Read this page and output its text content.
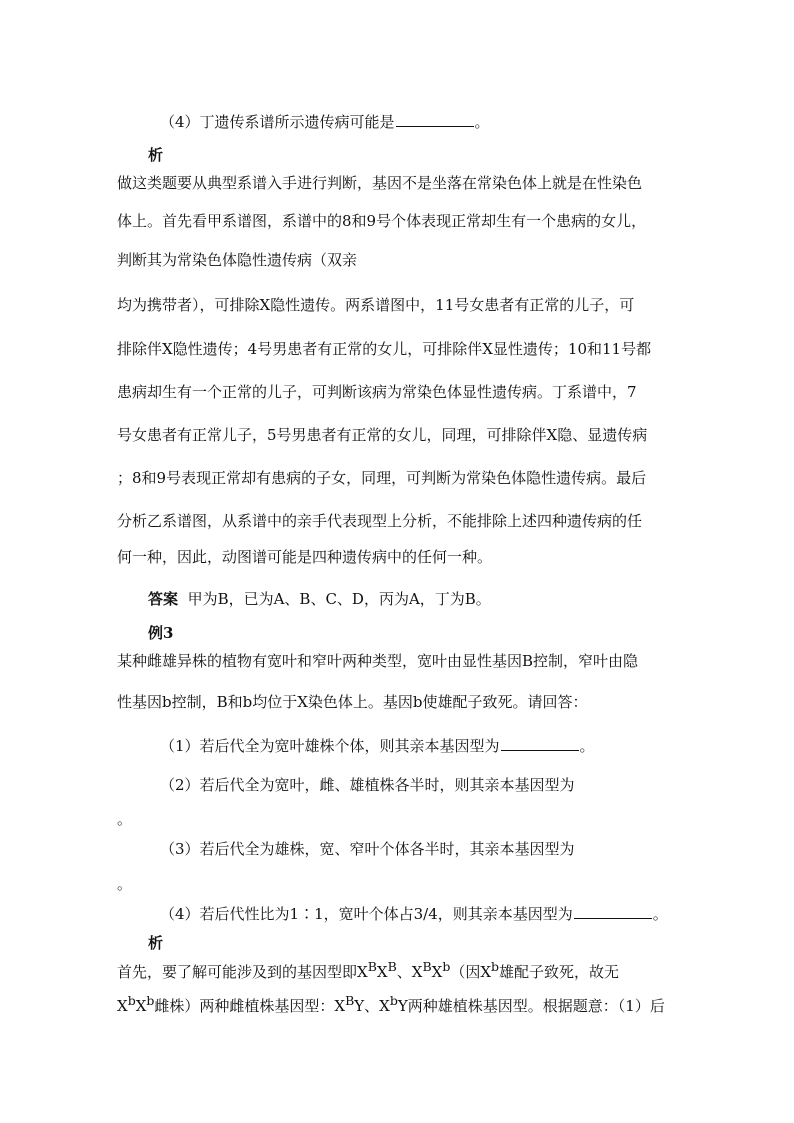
（4）丁遗传系谱所示遗传病可能是	。
析
做这类题要从典型系谱入手进行判断，基因不是坐落在常染色体上就是在性染色
体上。首先看甲系谱图，系谱中的8和9号个体表现正常却生有一个患病的女儿，
判断其为常染色体隐性遗传病（双亲
均为携带者），可排除X隐性遗传。两系谱图中，11号女患者有正常的儿子，可
排除伴X隐性遗传；4号男患者有正常的女儿，可排除伴X显性遗传；10和11号都
患病却生有一个正常的儿子，可判断该病为常染色体显性遗传病。丁系谱中，7
号女患者有正常儿子，5号男患者有正常的女儿，同理，可排除伴X隐、显遗传病
；8和9号表现正常却有患病的子女，同理，可判断为常染色体隐性遗传病。最后
分析乙系谱图，从系谱中的亲手代表现型上分析，不能排除上述四种遗传病的任
何一种，因此，动图谱可能是四种遗传病中的任何一种。
答案 甲为B，已为A、B、C、D，丙为A，丁为B。
例3
某种雌雄异株的植物有宽叶和窄叶两种类型，宽叶由显性基因B控制，窄叶由隐
性基因b控制，B和b均位于X染色体上。基因b使雄配子致死。请回答：
（1）若后代全为宽叶雄株个体，则其亲本基因型为	。
（2）若后代全为宽叶，雌、雄植株各半时，则其亲本基因型为
。
（3）若后代全为雄株，宽、窄叶个体各半时，其亲本基因型为
。
（4）若后代性比为1∶1，宽叶个体占3/4，则其亲本基因型为	。
析
首先，要了解可能涉及到的基因型即$X^BX^B$、$X^BX^b$（因$X^b$雄配子致死，故无
$X^bX^b$雌株）两种雌植株基因型：$X^BY$、$X^bY$两种雄植株基因型。根据题意：（1）后
